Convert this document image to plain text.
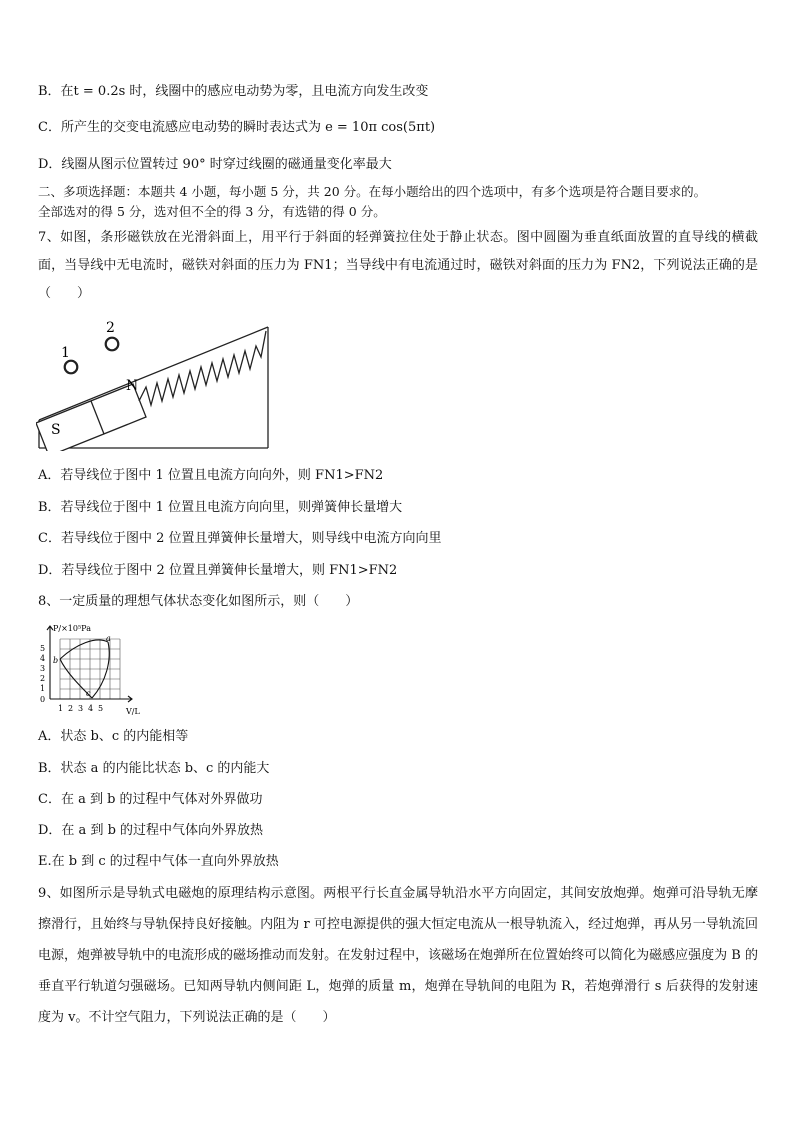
B．在t = 0.2s 时，线圈中的感应电动势为零，且电流方向发生改变
C．所产生的交变电流感应电动势的瞬时表达式为 e = 10π cos(5πt)
D．线圈从图示位置转过 90° 时穿过线圈的磁通量变化率最大
二、多项选择题：本题共 4 小题，每小题 5 分，共 20 分。在每小题给出的四个选项中，有多个选项是符合题目要求的。
全部选对的得 5 分，选对但不全的得 3 分，有选错的得 0 分。
7、如图，条形磁铁放在光滑斜面上，用平行于斜面的轻弹簧拉住处于静止状态。图中圆圈为垂直纸面放置的直导线的横截面，当导线中无电流时，磁铁对斜面的压力为 FN1；当导线中有电流通过时，磁铁对斜面的压力为 FN2，下列说法正确的是（　　）
1
2
N
S
A．若导线位于图中 1 位置且电流方向向外，则 FN1>FN2
B．若导线位于图中 1 位置且电流方向向里，则弹簧伸长量增大
C．若导线位于图中 2 位置且弹簧伸长量增大，则导线中电流方向向里
D．若导线位于图中 2 位置且弹簧伸长量增大，则 FN1>FN2
8、一定质量的理想气体状态变化如图所示，则（　　）
P/×10⁵Pa
V/L
5
4
3
2
1
0
1 2 3 4 5
a
b
c
A．状态 b、c 的内能相等
B．状态 a 的内能比状态 b、c 的内能大
C．在 a 到 b 的过程中气体对外界做功
D．在 a 到 b 的过程中气体向外界放热
E.在 b 到 c 的过程中气体一直向外界放热
9、如图所示是导轨式电磁炮的原理结构示意图。两根平行长直金属导轨沿水平方向固定，其间安放炮弹。炮弹可沿导轨无摩擦滑行，且始终与导轨保持良好接触。内阻为 r 可控电源提供的强大恒定电流从一根导轨流入，经过炮弹，再从另一导轨流回电源，炮弹被导轨中的电流形成的磁场推动而发射。在发射过程中，该磁场在炮弹所在位置始终可以简化为磁感应强度为 B 的垂直平行轨道匀强磁场。已知两导轨内侧间距 L，炮弹的质量 m，炮弹在导轨间的电阻为 R，若炮弹滑行 s 后获得的发射速度为 v。不计空气阻力，下列说法正确的是（　　）
